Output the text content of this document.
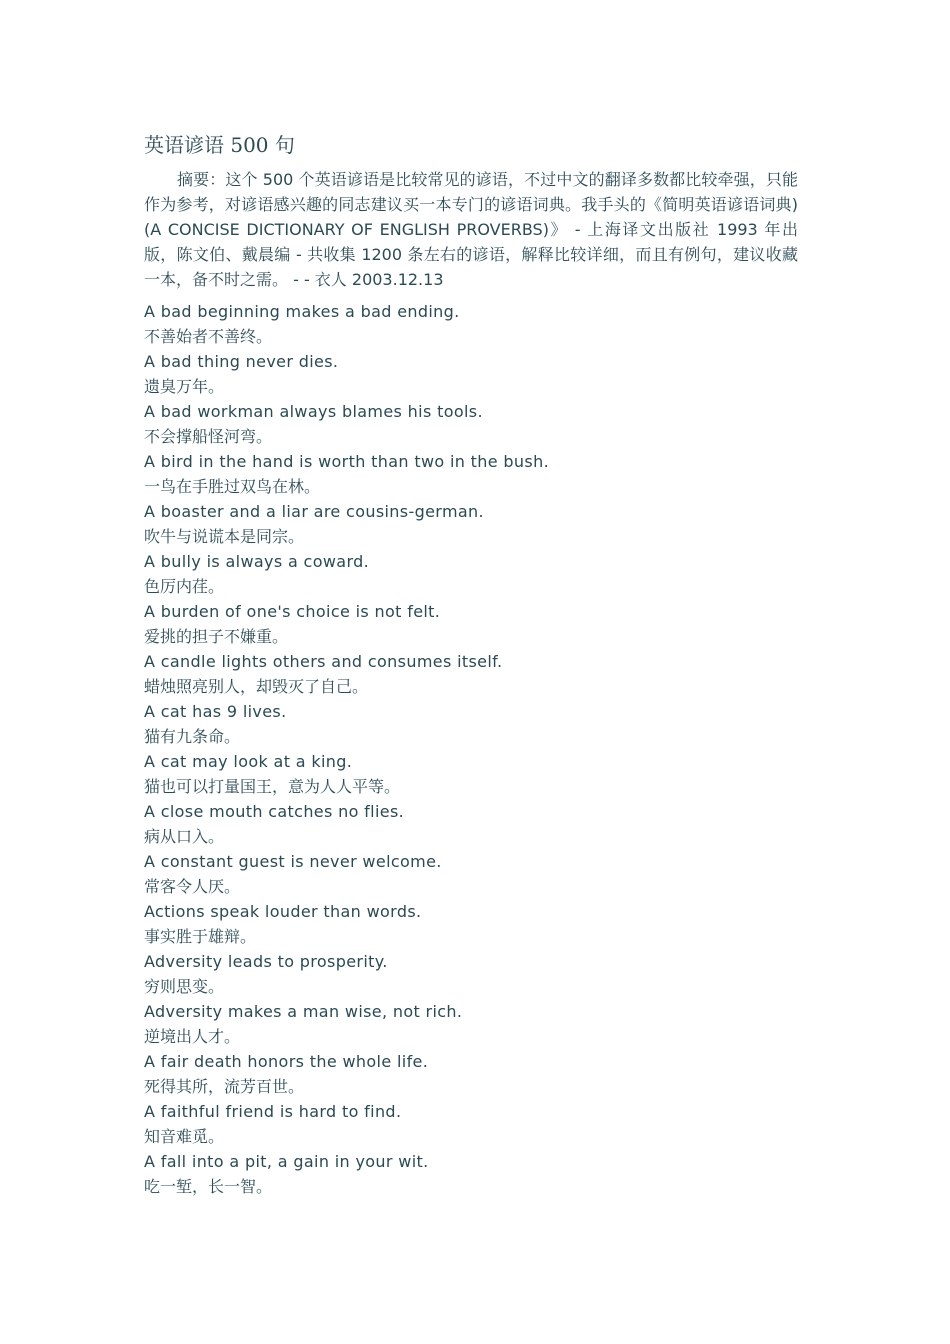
英语谚语 500 句

摘要：这个 500 个英语谚语是比较常见的谚语，不过中文的翻译多数都比较牵强，只能作为参考，对谚语感兴趣的同志建议买一本专门的谚语词典。我手头的《简明英语谚语词典)(A CONCISE DICTIONARY OF ENGLISH PROVERBS)》 - 上海译文出版社 1993 年出版，陈文伯、戴晨编 - 共收集 1200 条左右的谚语，解释比较详细，而且有例句，建议收藏一本，备不时之需。 - - 衣人 2003.12.13

A bad beginning makes a bad ending.
不善始者不善终。
A bad thing never dies.
遗臭万年。
A bad workman always blames his tools.
不会撑船怪河弯。
A bird in the hand is worth than two in the bush.
一鸟在手胜过双鸟在林。
A boaster and a liar are cousins-german.
吹牛与说谎本是同宗。
A bully is always a coward.
色厉内荏。
A burden of one's choice is not felt.
爱挑的担子不嫌重。
A candle lights others and consumes itself.
蜡烛照亮别人，却毁灭了自己。
A cat has 9 lives.
猫有九条命。
A cat may look at a king.
猫也可以打量国王，意为人人平等。
A close mouth catches no flies.
病从口入。
A constant guest is never welcome.
常客令人厌。
Actions speak louder than words.
事实胜于雄辩。
Adversity leads to prosperity.
穷则思变。
Adversity makes a man wise, not rich.
逆境出人才。
A fair death honors the whole life.
死得其所，流芳百世。
A faithful friend is hard to find.
知音难觅。
A fall into a pit, a gain in your wit.
吃一堑，长一智。
